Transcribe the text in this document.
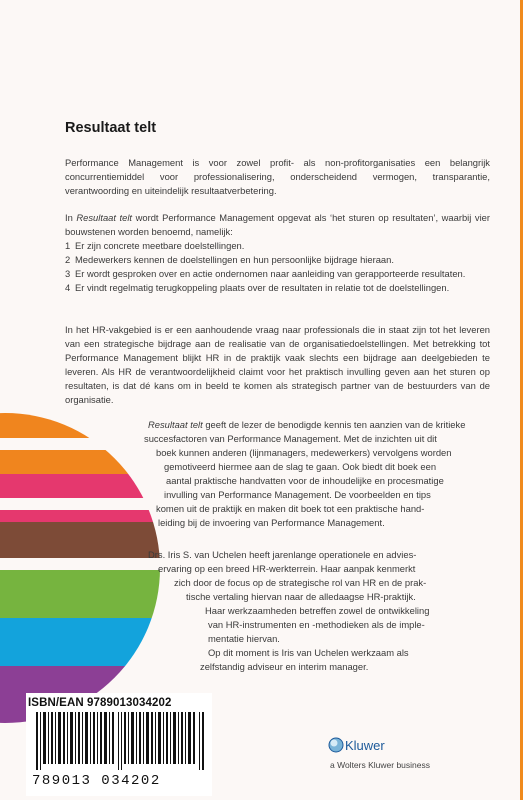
Resultaat telt

Performance Management is voor zowel profit- als non-profitorganisaties een belangrijk concurrentiemiddel voor professionalisering, onderscheidend vermogen, transparantie, verantwoording en uiteindelijk resultaatverbetering.

In Resultaat telt wordt Performance Management opgevat als ‘het sturen op resultaten’, waarbij vier bouwstenen worden benoemd, namelijk:

1 Er zijn concrete meetbare doelstellingen.
2 Medewerkers kennen de doelstellingen en hun persoonlijke bijdrage hieraan.
3 Er wordt gesproken over en actie ondernomen naar aanleiding van gerapporteerde resultaten.
4 Er vindt regelmatig terugkoppeling plaats over de resultaten in relatie tot de doelstellingen.

In het HR-vakgebied is er een aanhoudende vraag naar professionals die in staat zijn tot het leveren van een strategische bijdrage aan de realisatie van de organisatiedoelstellingen. Met betrekking tot Performance Management blijkt HR in de praktijk vaak slechts een bijdrage aan deelgebieden te leveren. Als HR de verantwoordelijkheid claimt voor het praktisch invulling geven aan het sturen op resultaten, is dat dé kans om in beeld te komen als strategisch partner van de bestuurders van de organisatie.

Resultaat telt geeft de lezer de benodigde kennis ten aanzien van de kritieke
succesfactoren van Performance Management. Met de inzichten uit dit
boek kunnen anderen (lijnmanagers, medewerkers) vervolgens worden
gemotiveerd hiermee aan de slag te gaan. Ook biedt dit boek een
aantal praktische handvatten voor de inhoudelijke en procesmatige
invulling van Performance Management. De voorbeelden en tips
komen uit de praktijk en maken dit boek tot een praktische hand-
leiding bij de invoering van Performance Management.
Drs. Iris S. van Uchelen heeft jarenlange operationele en advies-
ervaring op een breed HR-werkterrein. Haar aanpak kenmerkt
zich door de focus op de strategische rol van HR en de prak-
tische vertaling hiervan naar de alledaagse HR-praktijk.
Haar werkzaamheden betreffen zowel de ontwikkeling
van HR-instrumenten en -methodieken als de imple-
mentatie hiervan.
Op dit moment is Iris van Uchelen werkzaam als
zelfstandig adviseur en interim manager.
ISBN/EAN 9789013034202
789013 034202
Kluwer
a Wolters Kluwer business
